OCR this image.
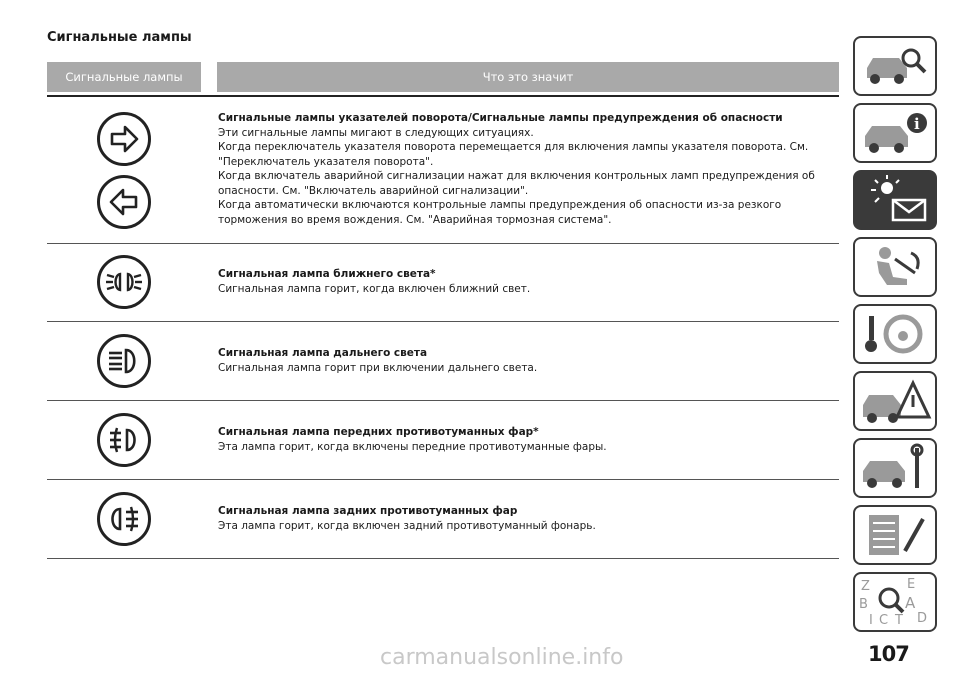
Сигнальные лампы
Сигнальные лампы	Что это значит

Сигнальные лампы указателей поворота/Сигнальные лампы предупреждения об опасности

Эти сигнальные лампы мигают в следующих ситуациях.

Когда переключатель указателя поворота перемещается для включения лампы указателя поворота. См. "Переключатель указателя поворота".

Когда включатель аварийной сигнализации нажат для включения контрольных ламп предупреждения об опасности. См. "Включатель аварийной сигнализации".

Когда автоматически включаются контрольные лампы предупреждения об опасности из-за резкого торможения во время вождения. См. "Аварийная тормозная система".

Сигнальная лампа ближнего света*

Сигнальная лампа горит, когда включен ближний свет.

Сигнальная лампа дальнего света

Сигнальная лампа горит при включении дальнего света.

Сигнальная лампа передних противотуманных фар*

Эта лампа горит, когда включены передние противотуманные фары.

Сигнальная лампа задних противотуманных фар

Эта лампа горит, когда включен задний противотуманный фонарь.

i
Z	E
B A
I C T D

107

carmanualsonline.info
